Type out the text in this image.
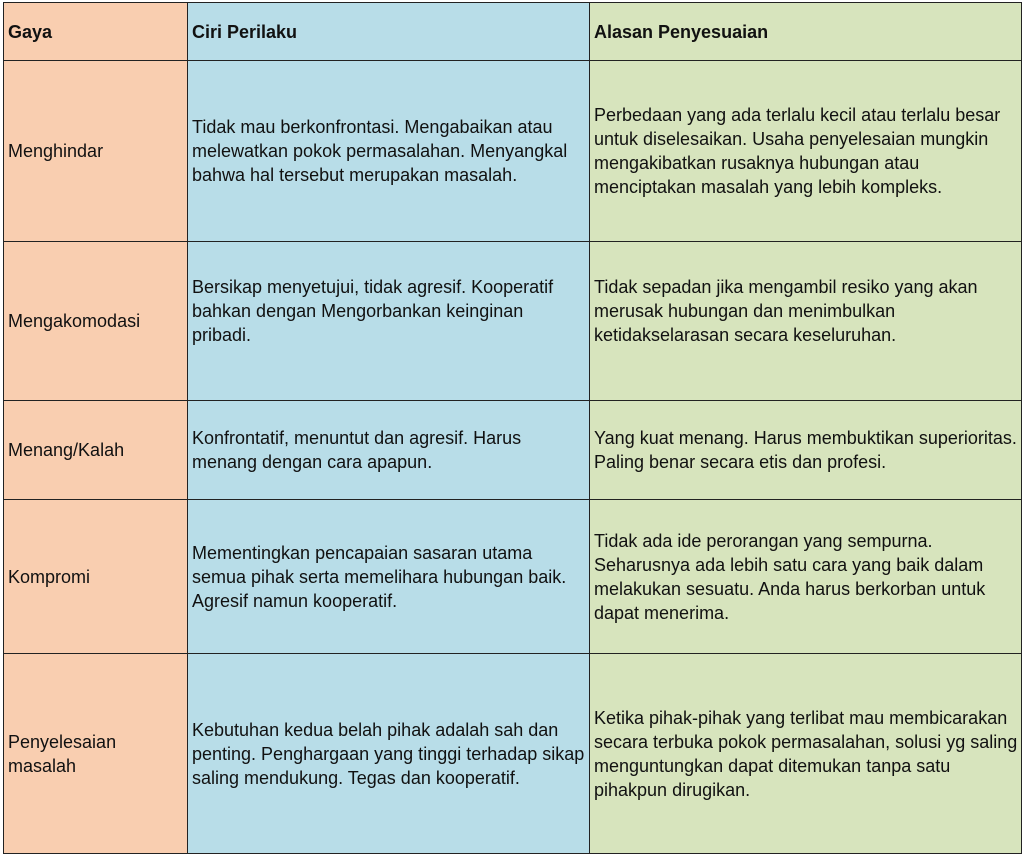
Gaya	Ciri Perilaku	Alasan Penyesuaian

Menghindar	Tidak mau berkonfrontasi. Mengabaikan atau melewatkan pokok permasalahan. Menyangkal bahwa hal tersebut merupakan masalah.	Perbedaan yang ada terlalu kecil atau terlalu besar untuk diselesaikan. Usaha penyelesaian mungkin mengakibatkan rusaknya hubungan atau menciptakan masalah yang lebih kompleks.

Mengakomodasi	Bersikap menyetujui, tidak agresif. Kooperatif bahkan dengan Mengorbankan keinginan pribadi.	Tidak sepadan jika mengambil resiko yang akan merusak hubungan dan menimbulkan ketidakselarasan secara keseluruhan.

Menang/Kalah	Konfrontatif, menuntut dan agresif. Harus menang dengan cara apapun.	Yang kuat menang. Harus membuktikan superioritas. Paling benar secara etis dan profesi.

Kompromi	Mementingkan pencapaian sasaran utama semua pihak serta memelihara hubungan baik. Agresif namun kooperatif.	Tidak ada ide perorangan yang sempurna. Seharusnya ada lebih satu cara yang baik dalam melakukan sesuatu. Anda harus berkorban untuk dapat menerima.

Penyelesaian masalah	Kebutuhan kedua belah pihak adalah sah dan penting. Penghargaan yang tinggi terhadap sikap saling mendukung. Tegas dan kooperatif.	Ketika pihak-pihak yang terlibat mau membicarakan secara terbuka pokok permasalahan, solusi yg saling menguntungkan dapat ditemukan tanpa satu pihakpun dirugikan.
